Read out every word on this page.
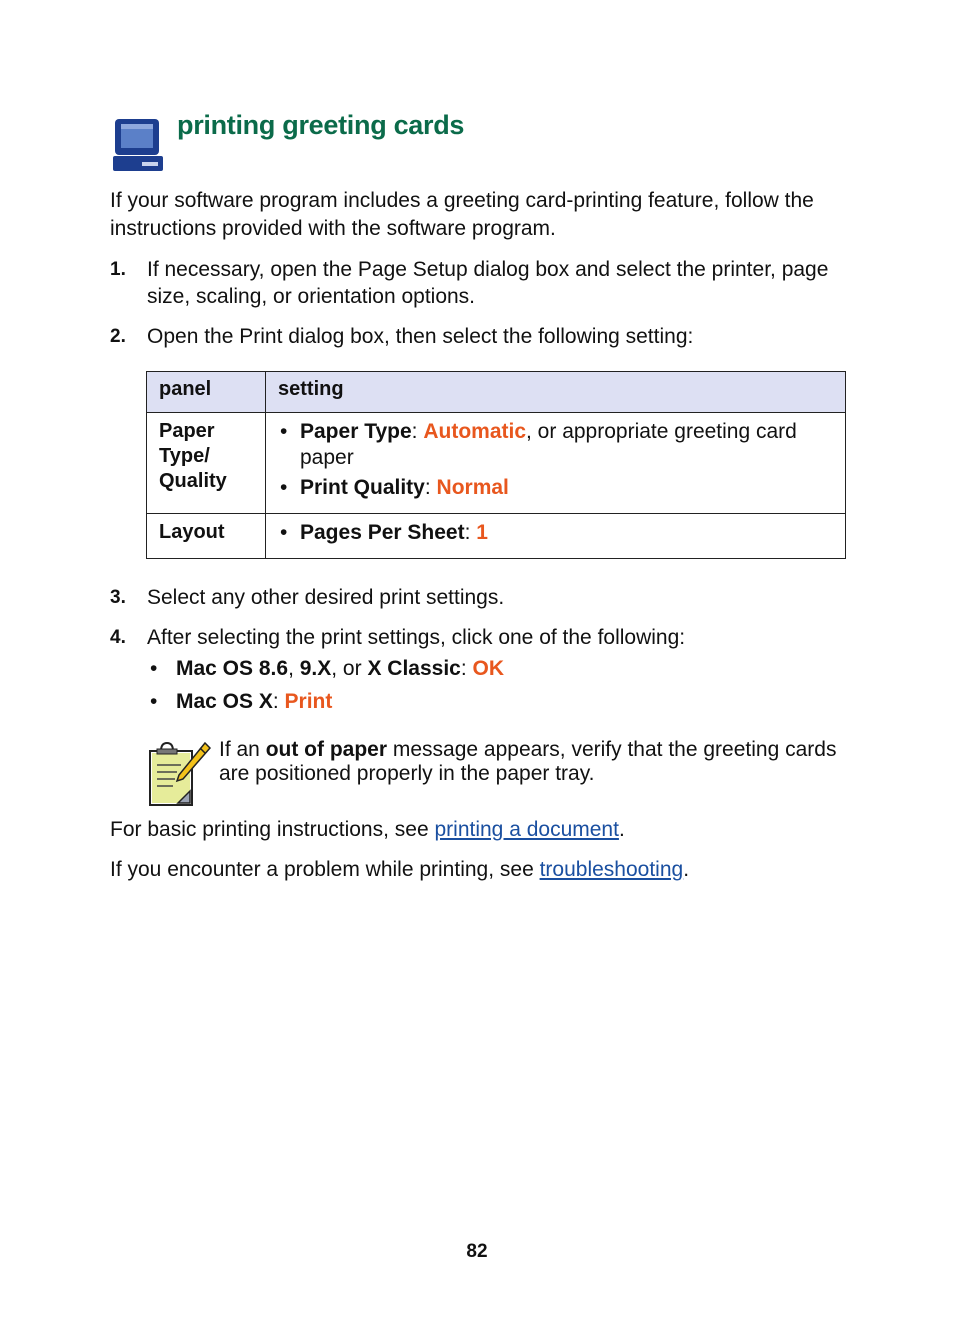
printing greeting cards

If your software program includes a greeting card-printing feature, follow the instructions provided with the software program.

1. If necessary, open the Page Setup dialog box and select the printer, page size, scaling, or orientation options.
2. Open the Print dialog box, then select the following setting:
panel	setting
Paper Type/ Quality	• Paper Type: Automatic, or appropriate greeting card paper
• Print Quality: Normal

Layout	• Pages Per Sheet: 1
3. Select any other desired print settings.
4. After selecting the print settings, click one of the following:
• Mac OS 8.6, 9.X, or X Classic: OK
• Mac OS X: Print

If an out of paper message appears, verify that the greeting cards are positioned properly in the paper tray.

For basic printing instructions, see printing a document.

If you encounter a problem while printing, see troubleshooting.

82
